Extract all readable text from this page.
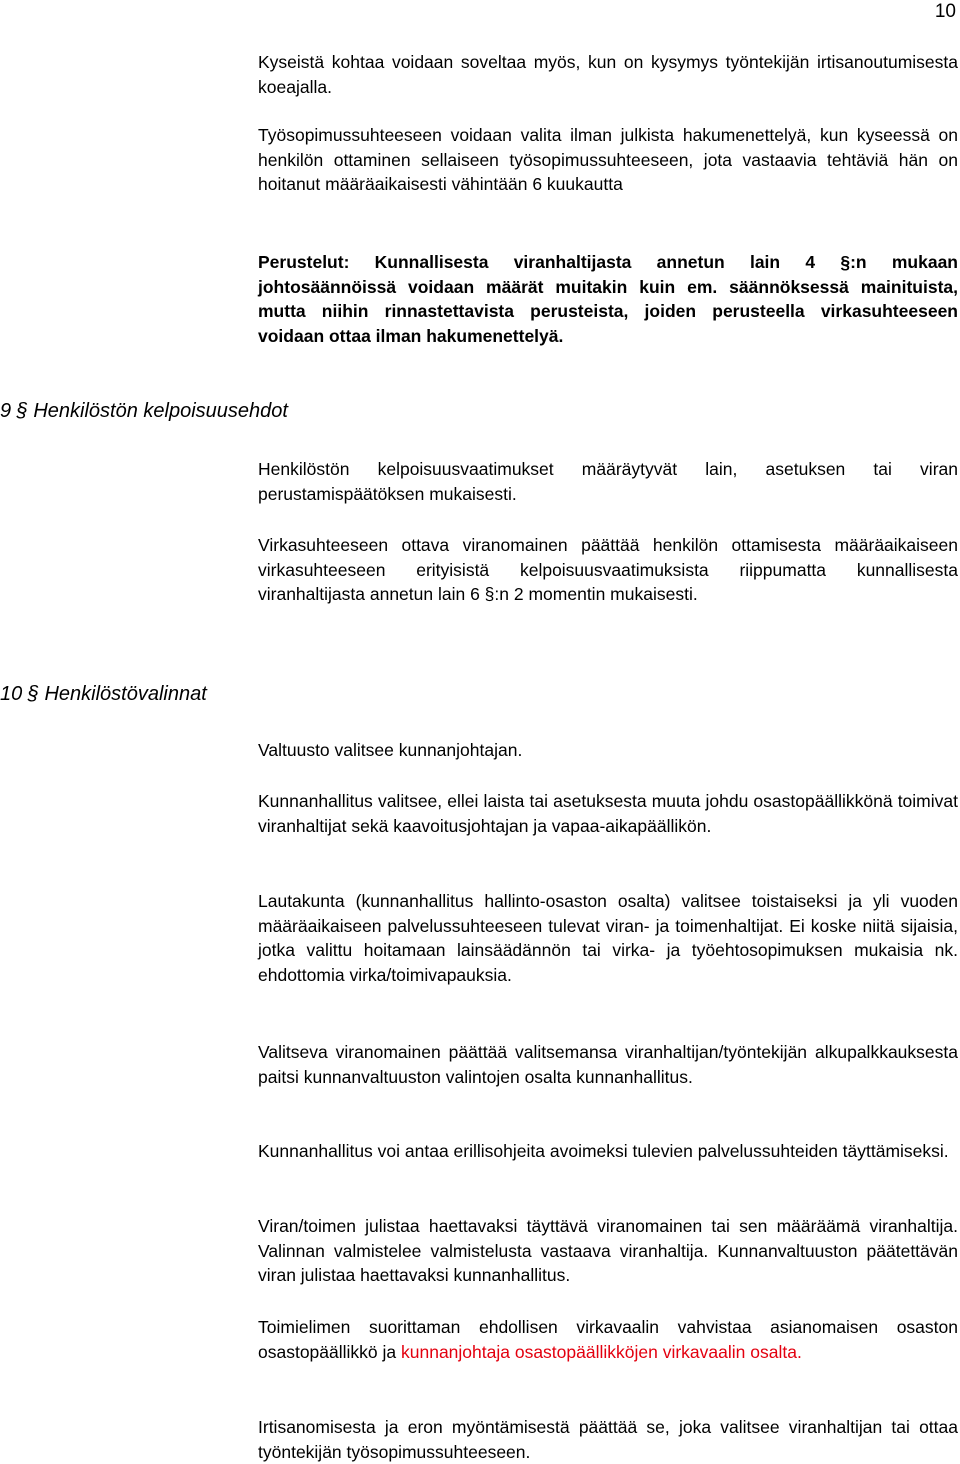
10

Kyseistä kohtaa voidaan soveltaa myös, kun on kysymys työntekijän irtisanoutumisesta koeajalla.

Työsopimussuhteeseen voidaan valita ilman julkista hakumenettelyä, kun kyseessä on henkilön ottaminen sellaiseen työsopimussuhteeseen, jota vastaavia tehtäviä hän on hoitanut määräaikaisesti vähintään 6 kuukautta

Perustelut: Kunnallisesta viranhaltijasta annetun lain 4 §:n mukaan johtosäännöissä voidaan määrät muitakin kuin em. säännöksessä mainituista, mutta niihin rinnastettavista perusteista, joiden perusteella virkasuhteeseen voidaan ottaa ilman hakumenettelyä.

9 § Henkilöstön kelpoisuusehdot

Henkilöstön kelpoisuusvaatimukset määräytyvät lain, asetuksen tai viran perustamispäätöksen mukaisesti.

Virkasuhteeseen ottava viranomainen päättää henkilön ottamisesta määräaikaiseen virkasuhteeseen erityisistä kelpoisuusvaatimuksista riippumatta kunnallisesta viranhaltijasta annetun lain 6 §:n 2 momentin mukaisesti.

10 § Henkilöstövalinnat

Valtuusto valitsee kunnanjohtajan.

Kunnanhallitus valitsee, ellei laista tai asetuksesta muuta johdu osastopäällikkönä toimivat viranhaltijat sekä kaavoitusjohtajan ja vapaa-aikapäällikön.

Lautakunta (kunnanhallitus hallinto-osaston osalta) valitsee toistaiseksi ja yli vuoden määräaikaiseen palvelussuhteeseen tulevat viran- ja toimenhaltijat. Ei koske niitä sijaisia, jotka valittu hoitamaan lainsäädännön tai virka- ja työehtosopimuksen mukaisia nk. ehdottomia virka/toimivapauksia.

Valitseva viranomainen päättää valitsemansa viranhaltijan/työntekijän alkupalkkauksesta paitsi kunnanvaltuuston valintojen osalta kunnanhallitus.

Kunnanhallitus voi antaa erillisohjeita avoimeksi tulevien palvelussuhteiden täyttämiseksi.

Viran/toimen julistaa haettavaksi täyttävä viranomainen tai sen määräämä viranhaltija. Valinnan valmistelee valmistelusta vastaava viranhaltija. Kunnanvaltuuston päätettävän viran julistaa haettavaksi kunnanhallitus.

Toimielimen suorittaman ehdollisen virkavaalin vahvistaa asianomaisen osaston osastopäällikkö ja kunnanjohtaja osastopäällikköjen virkavaalin osalta.

Irtisanomisesta ja eron myöntämisestä päättää se, joka valitsee viranhaltijan tai ottaa työntekijän työsopimussuhteeseen.
